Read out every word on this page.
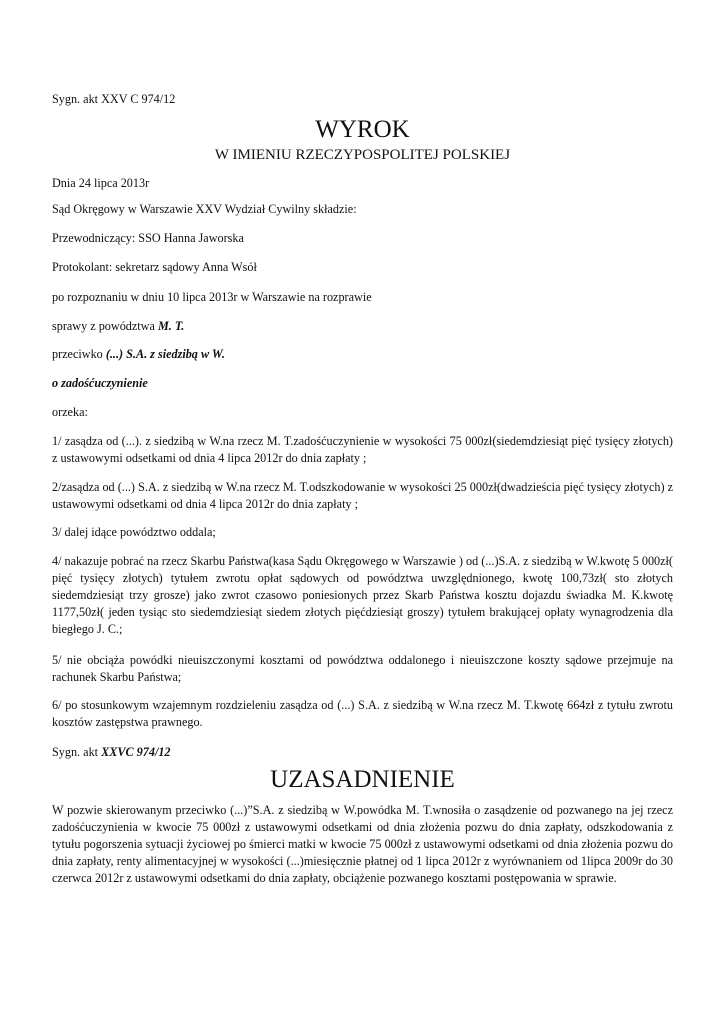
Sygn. akt XXV C 974/12

WYROK
W IMIENIU RZECZYPOSPOLITEJ POLSKIEJ

Dnia 24 lipca 2013r

Sąd Okręgowy w Warszawie XXV Wydział Cywilny składzie:

Przewodniczący: SSO Hanna Jaworska

Protokolant: sekretarz sądowy Anna Wsół

po rozpoznaniu w dniu 10 lipca 2013r w Warszawie na rozprawie

sprawy z powództwa M. T.

przeciwko (...) S.A. z siedzibą w W.

o zadośćuczynienie

orzeka:

1/ zasądza od (...). z siedzibą w W.na rzecz M. T.zadośćuczynienie w wysokości 75 000zł(siedemdziesiąt pięć tysięcy złotych) z ustawowymi odsetkami od dnia 4 lipca 2012r do dnia zapłaty ;

2/zasądza od (...) S.A. z siedzibą w W.na rzecz M. T.odszkodowanie w wysokości 25 000zł(dwadzieścia pięć tysięcy złotych) z ustawowymi odsetkami od dnia 4 lipca 2012r do dnia zapłaty ;

3/ dalej idące powództwo oddala;

4/ nakazuje pobrać na rzecz Skarbu Państwa(kasa Sądu Okręgowego w Warszawie ) od (...)S.A. z siedzibą w W.kwotę 5 000zł( pięć tysięcy złotych) tytułem zwrotu opłat sądowych od powództwa uwzględnionego, kwotę 100,73zł( sto złotych siedemdziesiąt trzy grosze) jako zwrot czasowo poniesionych przez Skarb Państwa kosztu dojazdu świadka M. K.kwotę 1177,50zł( jeden tysiąc sto siedemdziesiąt siedem złotych pięćdziesiąt groszy) tytułem brakującej opłaty wynagrodzenia dla biegłego J. C.;

5/ nie obciąża powódki nieuiszczonymi kosztami od powództwa oddalonego i nieuiszczone koszty sądowe przejmuje na rachunek Skarbu Państwa;

6/ po stosunkowym wzajemnym rozdzieleniu zasądza od (...) S.A. z siedzibą w W.na rzecz M. T.kwotę 664zł z tytułu zwrotu kosztów zastępstwa prawnego.

Sygn. akt XXVC 974/12

UZASADNIENIE

W pozwie skierowanym przeciwko (...)”S.A. z siedzibą w W.powódka M. T.wnosiła o zasądzenie od pozwanego na jej rzecz zadośćuczynienia w kwocie 75 000zł z ustawowymi odsetkami od dnia złożenia pozwu do dnia zapłaty, odszkodowania z tytułu pogorszenia sytuacji życiowej po śmierci matki w kwocie 75 000zł z ustawowymi odsetkami od dnia złożenia pozwu do dnia zapłaty, renty alimentacyjnej w wysokości (...)miesięcznie płatnej od 1 lipca 2012r z wyrównaniem od 1lipca 2009r do 30 czerwca 2012r z ustawowymi odsetkami do dnia zapłaty, obciążenie pozwanego kosztami postępowania w sprawie.
